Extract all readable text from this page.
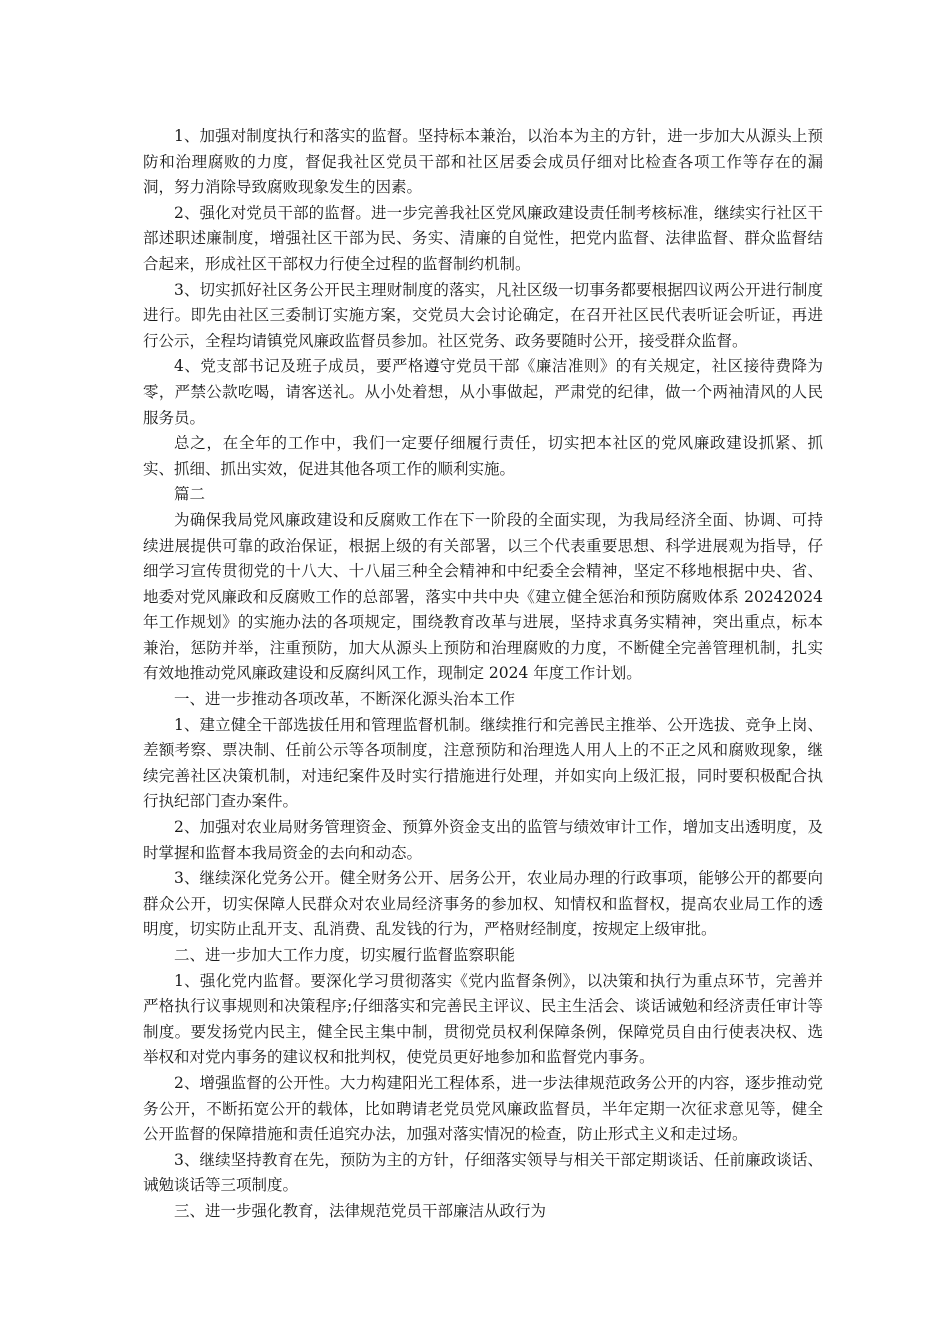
1、加强对制度执行和落实的监督。坚持标本兼治，以治本为主的方针，进一步加大从源头上预防和治理腐败的力度，督促我社区党员干部和社区居委会成员仔细对比检查各项工作等存在的漏洞，努力消除导致腐败现象发生的因素。

2、强化对党员干部的监督。进一步完善我社区党风廉政建设责任制考核标准，继续实行社区干部述职述廉制度，增强社区干部为民、务实、清廉的自觉性，把党内监督、法律监督、群众监督结合起来，形成社区干部权力行使全过程的监督制约机制。

3、切实抓好社区务公开民主理财制度的落实，凡社区级一切事务都要根据四议两公开进行制度进行。即先由社区三委制订实施方案，交党员大会讨论确定，在召开社区民代表听证会听证，再进行公示，全程均请镇党风廉政监督员参加。社区党务、政务要随时公开，接受群众监督。

4、党支部书记及班子成员，要严格遵守党员干部《廉洁准则》的有关规定，社区接待费降为零，严禁公款吃喝，请客送礼。从小处着想，从小事做起，严肃党的纪律，做一个两袖清风的人民服务员。

总之，在全年的工作中，我们一定要仔细履行责任，切实把本社区的党风廉政建设抓紧、抓实、抓细、抓出实效，促进其他各项工作的顺利实施。

篇二

为确保我局党风廉政建设和反腐败工作在下一阶段的全面实现，为我局经济全面、协调、可持续进展提供可靠的政治保证，根据上级的有关部署，以三个代表重要思想、科学进展观为指导，仔细学习宣传贯彻党的十八大、十八届三种全会精神和中纪委全会精神，坚定不移地根据中央、省、地委对党风廉政和反腐败工作的总部署，落实中共中央《建立健全惩治和预防腐败体系 20242024 年工作规划》的实施办法的各项规定，围绕教育改革与进展，坚持求真务实精神，突出重点，标本兼治，惩防并举，注重预防，加大从源头上预防和治理腐败的力度，不断健全完善管理机制，扎实有效地推动党风廉政建设和反腐纠风工作，现制定 2024 年度工作计划。

一、进一步推动各项改革，不断深化源头治本工作

1、建立健全干部选拔任用和管理监督机制。继续推行和完善民主推举、公开选拔、竞争上岗、差额考察、票决制、任前公示等各项制度，注意预防和治理选人用人上的不正之风和腐败现象，继续完善社区决策机制，对违纪案件及时实行措施进行处理，并如实向上级汇报，同时要积极配合执行执纪部门查办案件。

2、加强对农业局财务管理资金、预算外资金支出的监管与绩效审计工作，增加支出透明度，及时掌握和监督本我局资金的去向和动态。

3、继续深化党务公开。健全财务公开、居务公开，农业局办理的行政事项，能够公开的都要向群众公开，切实保障人民群众对农业局经济事务的参加权、知情权和监督权，提高农业局工作的透明度，切实防止乱开支、乱消费、乱发钱的行为，严格财经制度，按规定上级审批。

二、进一步加大工作力度，切实履行监督监察职能

1、强化党内监督。要深化学习贯彻落实《党内监督条例》，以决策和执行为重点环节，完善并严格执行议事规则和决策程序;仔细落实和完善民主评议、民主生活会、谈话诫勉和经济责任审计等制度。要发扬党内民主，健全民主集中制，贯彻党员权利保障条例，保障党员自由行使表决权、选举权和对党内事务的建议权和批判权，使党员更好地参加和监督党内事务。

2、增强监督的公开性。大力构建阳光工程体系，进一步法律规范政务公开的内容，逐步推动党务公开，不断拓宽公开的载体，比如聘请老党员党风廉政监督员，半年定期一次征求意见等，健全公开监督的保障措施和责任追究办法，加强对落实情况的检查，防止形式主义和走过场。

3、继续坚持教育在先，预防为主的方针，仔细落实领导与相关干部定期谈话、任前廉政谈话、诫勉谈话等三项制度。

三、进一步强化教育，法律规范党员干部廉洁从政行为
